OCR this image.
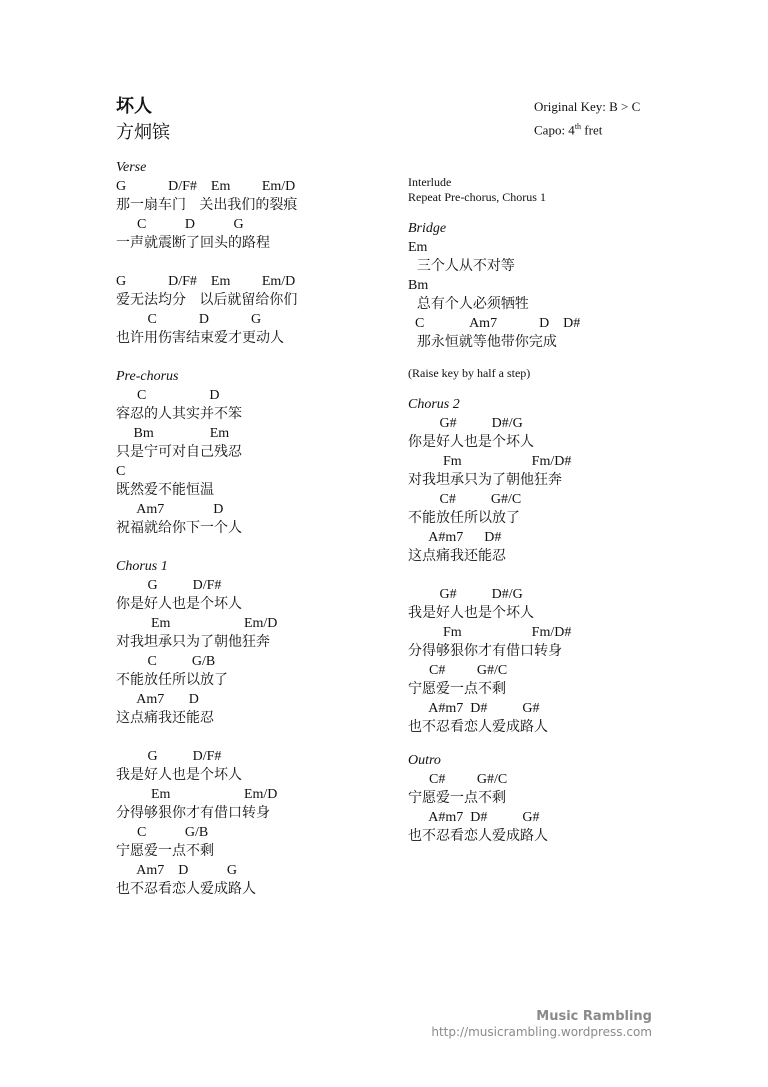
坏人
方炯镔
Original Key: B > C
Capo: 4th fret
Verse
G            D/F#    Em         Em/D
那一扇车门   关出我们的裂痕
C           D           G
一声就震断了回头的路程
G            D/F#    Em         Em/D
爱无法均分   以后就留给你们
C            D            G
也许用伤害结束爱才更动人
Pre-chorus
C                  D
容忍的人其实并不笨
Bm                Em
只是宁可对自己残忍
C
既然爱不能恒温
Am7              D
祝福就给你下一个人
Chorus 1
G          D/F#
你是好人也是个坏人
Em                     Em/D
对我坦承只为了朝他狂奔
C          G/B
不能放任所以放了
Am7       D
这点痛我还能忍
G          D/F#
我是好人也是个坏人
Em                     Em/D
分得够狠你才有借口转身
C           G/B
宁愿爱一点不剩
Am7    D           G
也不忍看恋人爱成路人
Interlude
Repeat Pre-chorus, Chorus 1
Bridge
Em
三个人从不对等
Bm
总有个人必须牺牲
C             Am7            D    D#
那永恒就等他带你完成
(Raise key by half a step)
Chorus 2
G#          D#/G
你是好人也是个坏人
Fm                    Fm/D#
对我坦承只为了朝他狂奔
C#          G#/C
不能放任所以放了
A#m7      D#
这点痛我还能忍
G#          D#/G
我是好人也是个坏人
Fm                    Fm/D#
分得够狠你才有借口转身
C#         G#/C
宁愿爱一点不剩
A#m7  D#          G#
也不忍看恋人爱成路人
Outro
C#         G#/C
宁愿爱一点不剩
A#m7  D#          G#
也不忍看恋人爱成路人
Music Rambling
http://musicrambling.wordpress.com
